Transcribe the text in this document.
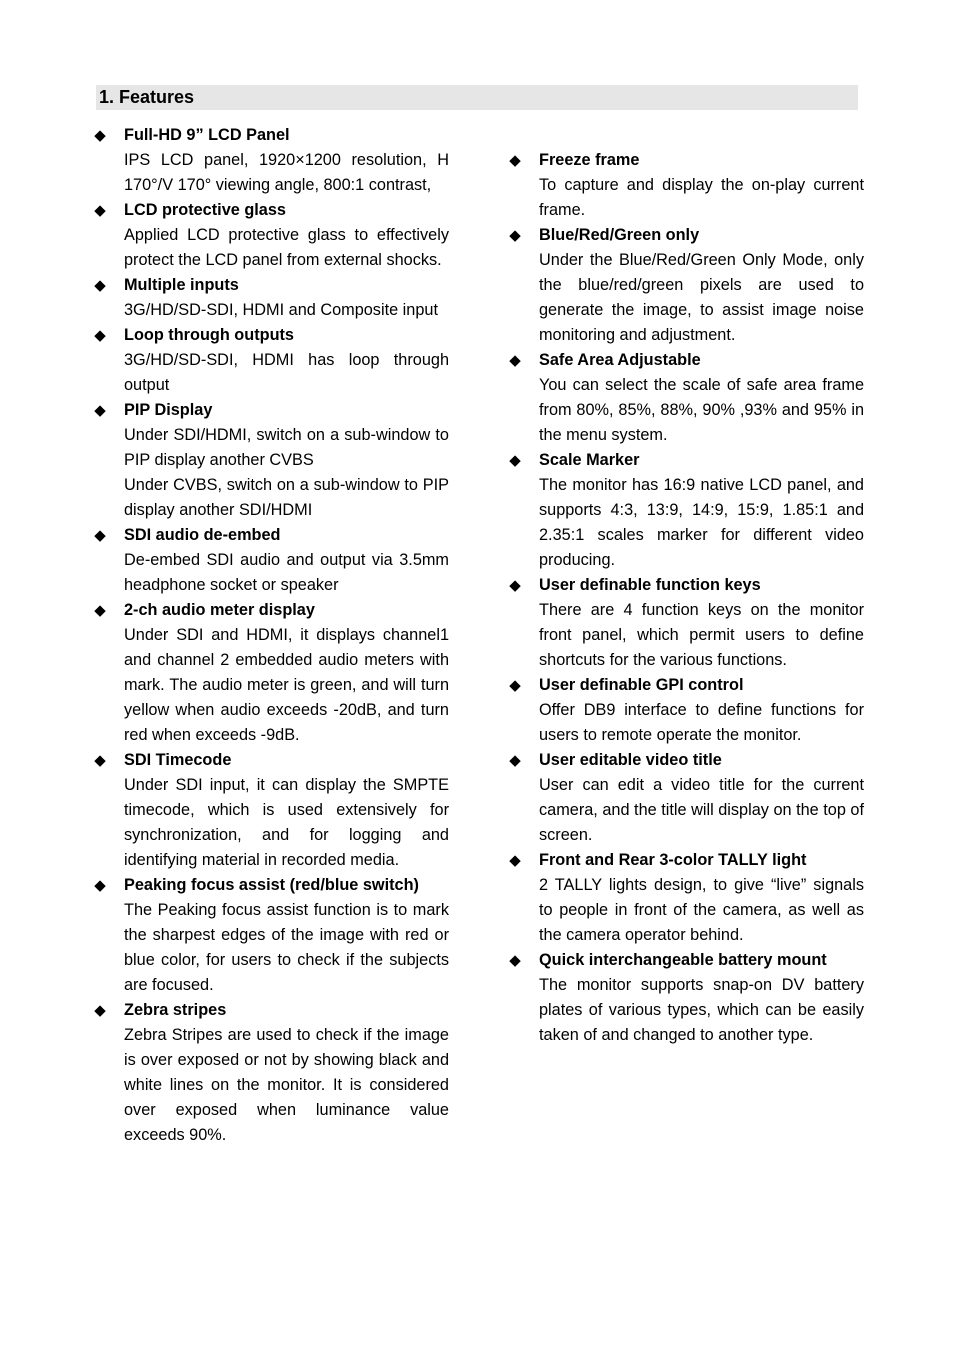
1. Features
◆ Full-HD 9” LCD Panel

IPS LCD panel, 1920×1200 resolution, H 170°/V 170° viewing angle, 800:1 contrast,

◆ LCD protective glass

Applied LCD protective glass to effectively protect the LCD panel from external shocks.

◆ Multiple inputs

3G/HD/SD-SDI, HDMI and Composite input

◆ Loop through outputs

3G/HD/SD-SDI, HDMI has loop through output

◆ PIP Display

Under SDI/HDMI, switch on a sub-window to PIP display another CVBS

Under CVBS, switch on a sub-window to PIP display another SDI/HDMI

◆ SDI audio de-embed

De-embed SDI audio and output via 3.5mm headphone socket or speaker

◆ 2-ch audio meter display

Under SDI and HDMI, it displays channel1 and channel 2 embedded audio meters with mark. The audio meter is green, and will turn yellow when audio exceeds -20dB, and turn red when exceeds -9dB.

◆ SDI Timecode

Under SDI input, it can display the SMPTE timecode, which is used extensively for synchronization, and for logging and identifying material in recorded media.

◆ Peaking focus assist (red/blue switch)

The Peaking focus assist function is to mark the sharpest edges of the image with red or blue color, for users to check if the subjects are focused.

◆ Zebra stripes

Zebra Stripes are used to check if the image is over exposed or not by showing black and white lines on the monitor. It is considered over exposed when luminance value exceeds 90%.

◆ Freeze frame

To capture and display the on-play current frame.

◆ Blue/Red/Green only

Under the Blue/Red/Green Only Mode, only the blue/red/green pixels are used to generate the image, to assist image noise monitoring and adjustment.

◆ Safe Area Adjustable

You can select the scale of safe area frame from 80%, 85%, 88%, 90% ,93% and 95% in the menu system.

◆ Scale Marker

The monitor has 16:9 native LCD panel, and supports 4:3, 13:9, 14:9, 15:9, 1.85:1 and 2.35:1 scales marker for different video producing.

◆ User definable function keys

There are 4 function keys on the monitor front panel, which permit users to define shortcuts for the various functions.

◆ User definable GPI control

Offer DB9 interface to define functions for users to remote operate the monitor.

◆ User editable video title

User can edit a video title for the current camera, and the title will display on the top of screen.

◆ Front and Rear 3-color TALLY light

2 TALLY lights design, to give “live” signals to people in front of the camera, as well as the camera operator behind.

◆ Quick interchangeable battery mount

The monitor supports snap-on DV battery plates of various types, which can be easily taken of and changed to another type.
